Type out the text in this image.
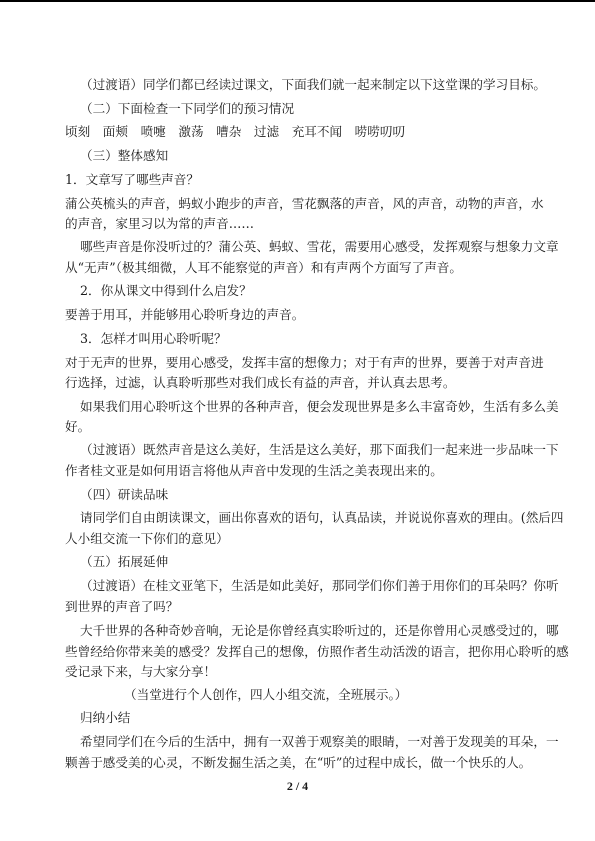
（过渡语）同学们都已经读过课文，下面我们就一起来制定以下这堂课的学习目标。

（二）下面检查一下同学们的预习情况

顷刻　面颊　喷嚏　激荡　嘈杂　过滤　充耳不闻　唠唠叨叨

（三）整体感知

1．文章写了哪些声音？

蒲公英梳头的声音，蚂蚁小跑步的声音，雪花飘落的声音，风的声音，动物的声音，水

的声音，家里习以为常的声音……

哪些声音是你没听过的？蒲公英、蚂蚁、雪花，需要用心感受，发挥观察与想象力文章

从“无声”（极其细微，人耳不能察觉的声音）和有声两个方面写了声音。

2．你从课文中得到什么启发？

要善于用耳，并能够用心聆听身边的声音。

3．怎样才叫用心聆听呢？

对于无声的世界，要用心感受，发挥丰富的想像力；对于有声的世界，要善于对声音进

行选择，过滤，认真聆听那些对我们成长有益的声音，并认真去思考。

如果我们用心聆听这个世界的各种声音，便会发现世界是多么丰富奇妙，生活有多么美

好。

（过渡语）既然声音是这么美好，生活是这么美好，那下面我们一起来进一步品味一下

作者桂文亚是如何用语言将他从声音中发现的生活之美表现出来的。

（四）研读品味

请同学们自由朗读课文，画出你喜欢的语句，认真品读，并说说你喜欢的理由。(然后四

人小组交流一下你们的意见）

（五）拓展延伸

（过渡语）在桂文亚笔下，生活是如此美好，那同学们你们善于用你们的耳朵吗？你听

到世界的声音了吗？

大千世界的各种奇妙音响，无论是你曾经真实聆听过的，还是你曾用心灵感受过的，哪

些曾经给你带来美的感受？发挥自己的想像，仿照作者生动活泼的语言，把你用心聆听的感

受记录下来，与大家分享！

（当堂进行个人创作，四人小组交流，全班展示。）

归纳小结

希望同学们在今后的生活中，拥有一双善于观察美的眼睛，一对善于发现美的耳朵，一

颗善于感受美的心灵，不断发掘生活之美，在“听”的过程中成长，做一个快乐的人。

2 / 4
